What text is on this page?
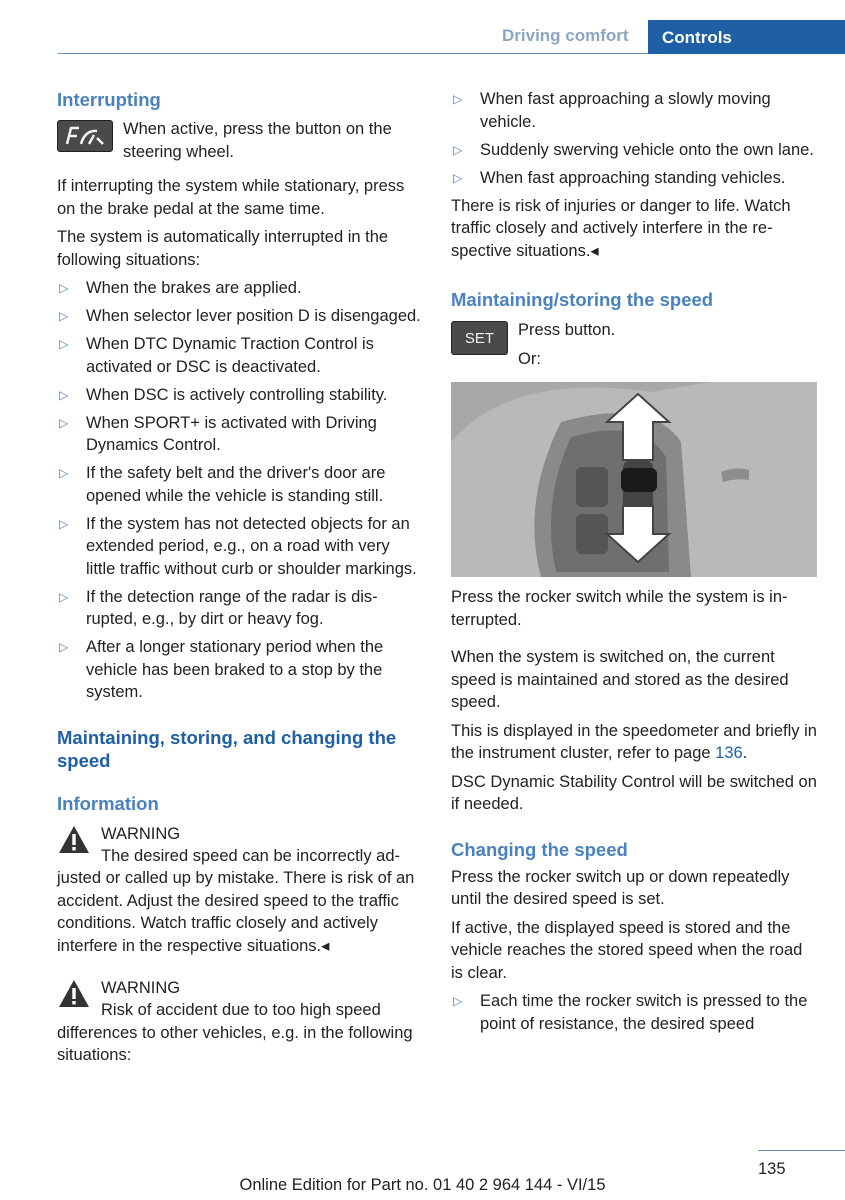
Driving comfort	Controls
Interrupting

When active, press the button on the steering wheel.

If interrupting the system while stationary, press on the brake pedal at the same time.

The system is automatically interrupted in the following situations:

▷ When the brakes are applied.
▷ When selector lever position D is disengaged.
▷ When DTC Dynamic Traction Control is activated or DSC is deactivated.
▷ When DSC is actively controlling stability.
▷ When SPORT+ is activated with Driving Dynamics Control.
▷ If the safety belt and the driver's door are opened while the vehicle is standing still.
▷ If the system has not detected objects for an extended period, e.g., on a road with very little traffic without curb or shoulder markings.
▷ If the detection range of the radar is disrupted, e.g., by dirt or heavy fog.
▷ After a longer stationary period when the vehicle has been braked to a stop by the system.
Maintaining, storing, and changing the speed
Information

WARNING

The desired speed can be incorrectly adjusted or called up by mistake. There is risk of an accident. Adjust the desired speed to the traffic conditions. Watch traffic closely and actively interfere in the respective situations.◂

WARNING

Risk of accident due to too high speed differences to other vehicles, e.g. in the following situations:

▷ When fast approaching a slowly moving vehicle.
▷ Suddenly swerving vehicle onto the own lane.
▷ When fast approaching standing vehicles.

There is risk of injuries or danger to life. Watch traffic closely and actively interfere in the respective situations.◂

Maintaining/storing the speed
SET Press button.

Or:

Press the rocker switch while the system is interrupted.

When the system is switched on, the current speed is maintained and stored as the desired speed.

This is displayed in the speedometer and briefly in the instrument cluster, refer to page 136.

DSC Dynamic Stability Control will be switched on if needed.

Changing the speed

Press the rocker switch up or down repeatedly until the desired speed is set.

If active, the displayed speed is stored and the vehicle reaches the stored speed when the road is clear.

▷ Each time the rocker switch is pressed to the point of resistance, the desired speed
135
Online Edition for Part no. 01 40 2 964 144 - VI/15
